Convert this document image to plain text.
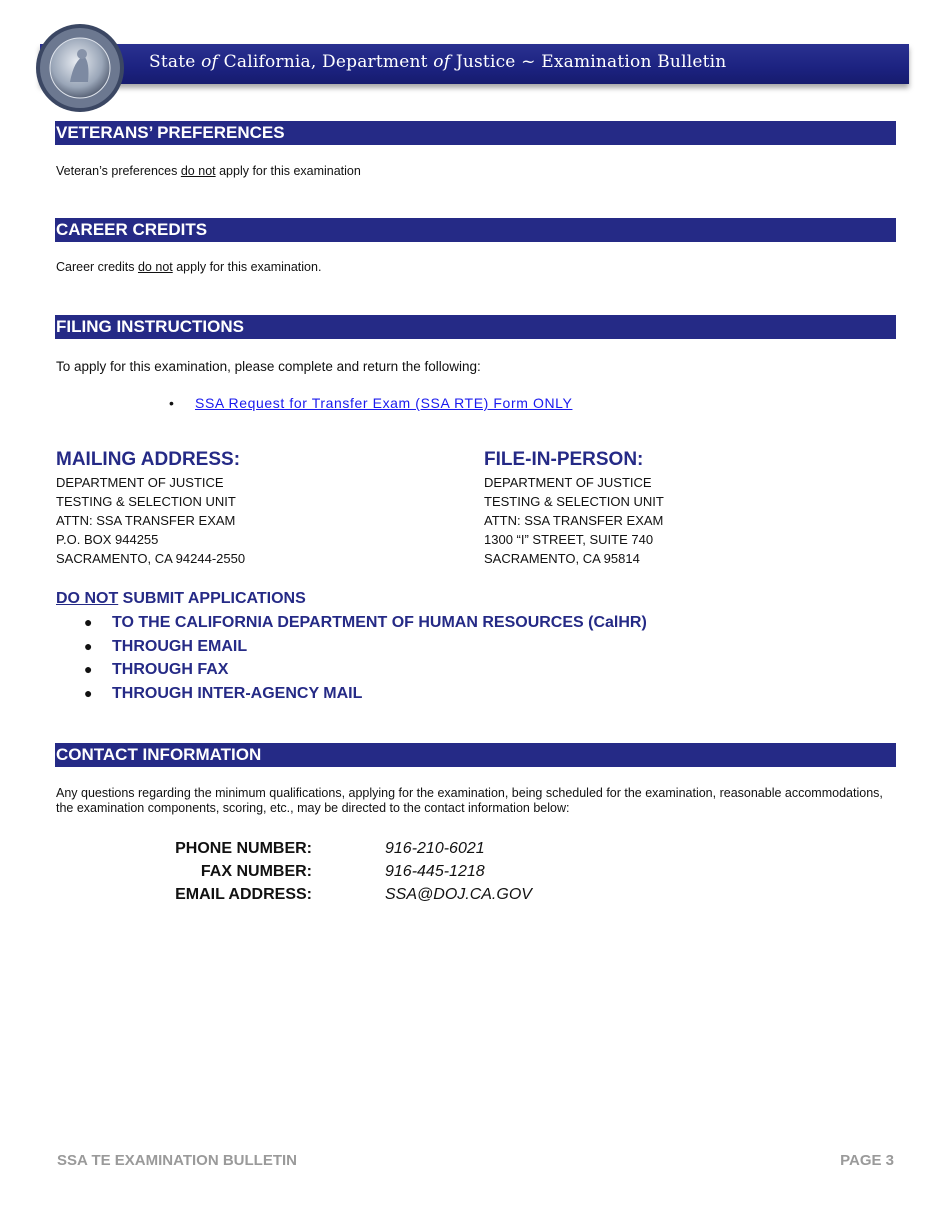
State of California, Department of Justice ~ Examination Bulletin
VETERANS’ PREFERENCES
Veteran’s preferences do not apply for this examination
CAREER CREDITS
Career credits do not apply for this examination.
FILING INSTRUCTIONS
To apply for this examination, please complete and return the following:
• SSA Request for Transfer Exam (SSA RTE) Form ONLY
MAILING ADDRESS:
DEPARTMENT OF JUSTICE
TESTING & SELECTION UNIT
ATTN: SSA TRANSFER EXAM
P.O. BOX 944255
SACRAMENTO, CA 94244-2550
FILE-IN-PERSON:
DEPARTMENT OF JUSTICE
TESTING & SELECTION UNIT
ATTN: SSA TRANSFER EXAM
1300 “I” STREET, SUITE 740
SACRAMENTO, CA 95814
DO NOT SUBMIT APPLICATIONS
● TO THE CALIFORNIA DEPARTMENT OF HUMAN RESOURCES (CalHR)
● THROUGH EMAIL
● THROUGH FAX
● THROUGH INTER-AGENCY MAIL
CONTACT INFORMATION
Any questions regarding the minimum qualifications, applying for the examination, being scheduled for the examination, reasonable accommodations, the examination components, scoring, etc., may be directed to the contact information below:
PHONE NUMBER:	916-210-6021
FAX NUMBER:	916-445-1218
EMAIL ADDRESS:	SSA@DOJ.CA.GOV
SSA TE EXAMINATION BULLETIN	PAGE 3
